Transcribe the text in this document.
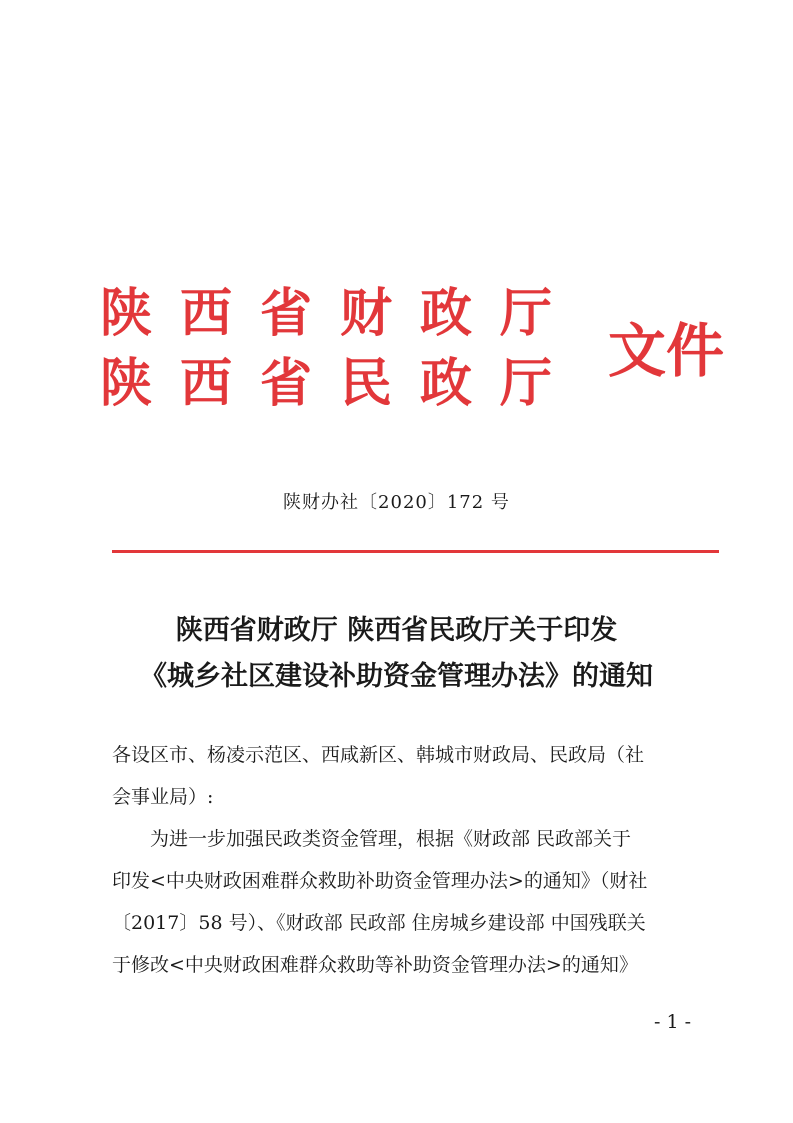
陕西省财政厅
陕西省民政厅 文件
陕财办社〔2020〕172 号
陕西省财政厅 陕西省民政厅关于印发
《城乡社区建设补助资金管理办法》的通知
各设区市、杨凌示范区、西咸新区、韩城市财政局、民政局（社
会事业局）:
为进一步加强民政类资金管理，根据《财政部 民政部关于
印发<中央财政困难群众救助补助资金管理办法>的通知》（财社
〔2017〕58 号）、《财政部 民政部 住房城乡建设部 中国残联关
于修改<中央财政困难群众救助等补助资金管理办法>的通知》
- 1 -
